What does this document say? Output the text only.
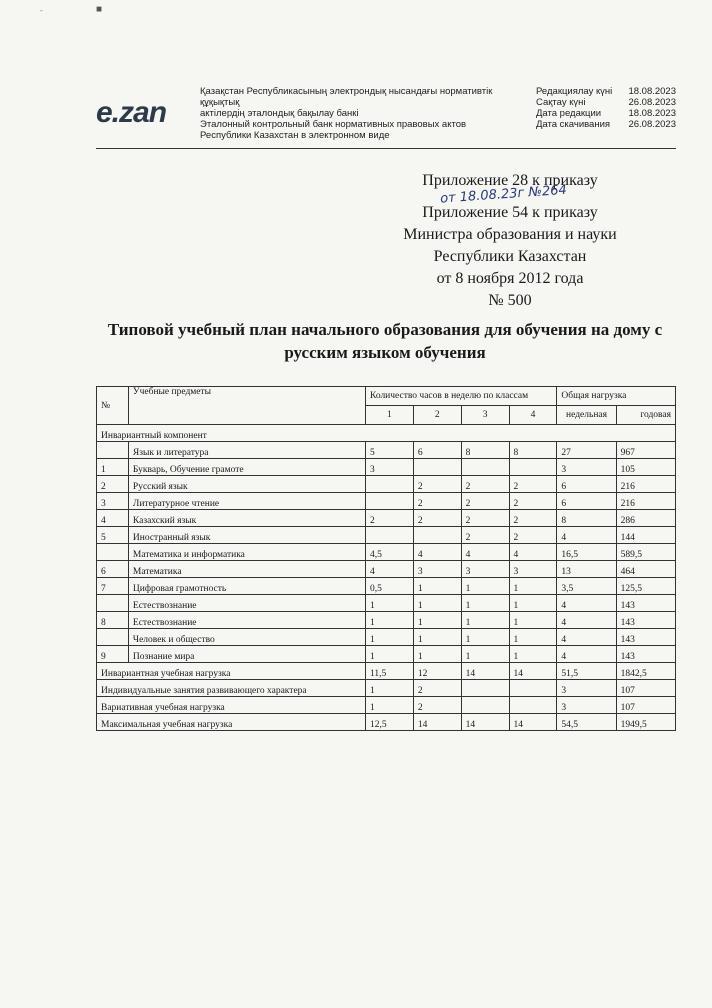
-	■
e.zan
Қазақстан Республикасының электрондық нысандағы нормативтік құқықтық
актілердің эталондық бақылау банкі
Эталонный контрольный банк нормативных правовых актов
Республики Казахстан в электронном виде
Редакциялау күні 18.08.2023
Сақтау күні	26.08.2023
Дата редакции	18.08.2023
Дата скачивания 26.08.2023
Приложение 28 к приказу
Приложение 54 к приказу
Министра образования и науки
Республики Казахстан
от 8 ноября 2012 года
№ 500
от 18.08.23г №264
Типовой учебный план начального образования для обучения на дому с русским языком обучения
№	Учебные предметы	Количество часов в неделю по классам				Общая нагрузка	
		1	2	3	4	недельная	годовая
Инвариантный компонент							
	Язык и литература	5	6	8	8	27	967
1	Букварь, Обучение грамоте	3				3	105
2	Русский язык		2	2	2	6	216
3	Литературное чтение		2	2	2	6	216
4	Казахский язык	2	2	2	2	8	286
5	Иностранный язык			2	2	4	144
	Математика и информатика	4,5	4	4	4	16,5	589,5
6	Математика	4	3	3	3	13	464
7	Цифровая грамотность	0,5	1	1	1	3,5	125,5
	Естествознание	1	1	1	1	4	143
8	Естествознание	1	1	1	1	4	143
	Человек и общество	1	1	1	1	4	143
9	Познание мира	1	1	1	1	4	143
Инвариантная учебная нагрузка		11,5	12	14	14	51,5	1842,5
Индивидуальные занятия развивающего характера		1	2			3	107
Вариативная учебная нагрузка		1	2			3	107
Максимальная учебная нагрузка		12,5	14	14	14	54,5	1949,5
